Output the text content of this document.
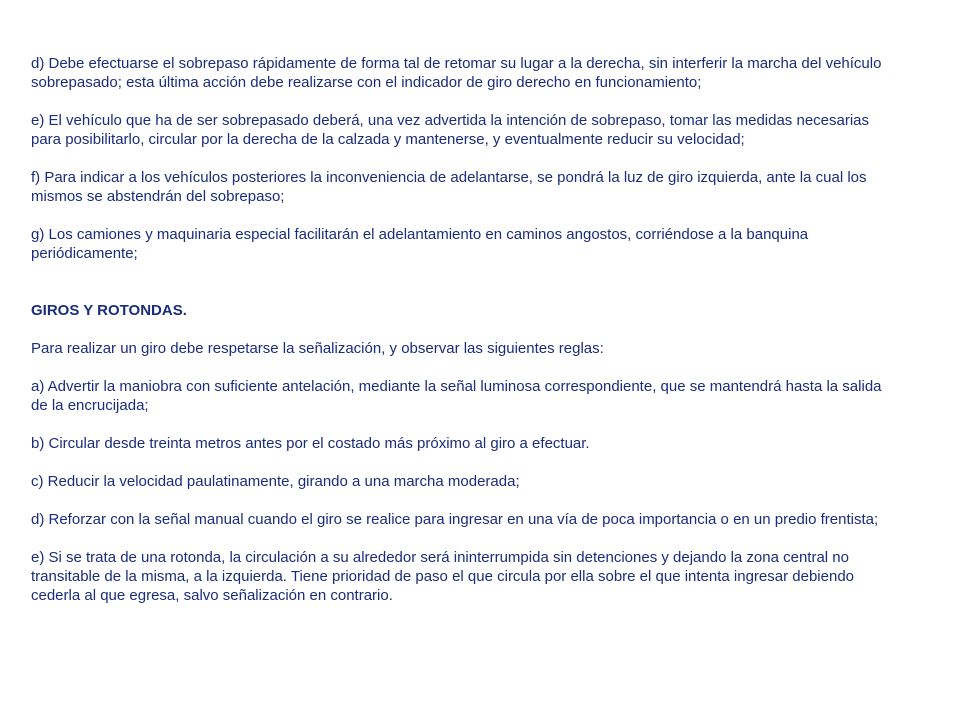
d) Debe efectuarse el sobrepaso rápidamente de forma tal de retomar su lugar a la derecha, sin interferir la marcha del vehículo sobrepasado; esta última acción debe realizarse con el indicador de giro derecho en funcionamiento;

e) El vehículo que ha de ser sobrepasado deberá, una vez advertida la intención de sobrepaso, tomar las medidas necesarias para posibilitarlo, circular por la derecha de la calzada y mantenerse, y eventualmente reducir su velocidad;

f) Para indicar a los vehículos posteriores la inconveniencia de adelantarse, se pondrá la luz de giro izquierda, ante la cual los mismos se abstendrán del sobrepaso;

g) Los camiones y maquinaria especial facilitarán el adelantamiento en caminos angostos, corriéndose a la banquina periódicamente;

GIROS Y ROTONDAS.

Para realizar un giro debe respetarse la señalización, y observar las siguientes reglas:

a) Advertir la maniobra con suficiente antelación, mediante la señal luminosa correspondiente, que se mantendrá hasta la salida de la encrucijada;

b) Circular desde treinta metros antes por el costado más próximo al giro a efectuar.

c) Reducir la velocidad paulatinamente, girando a una marcha moderada;

d) Reforzar con la señal manual cuando el giro se realice para ingresar en una vía de poca importancia o en un predio frentista;

e) Si se trata de una rotonda, la circulación a su alrededor será ininterrumpida sin detenciones y dejando la zona central no transitable de la misma, a la izquierda. Tiene prioridad de paso el que circula por ella sobre el que intenta ingresar debiendo cederla al que egresa, salvo señalización en contrario.
